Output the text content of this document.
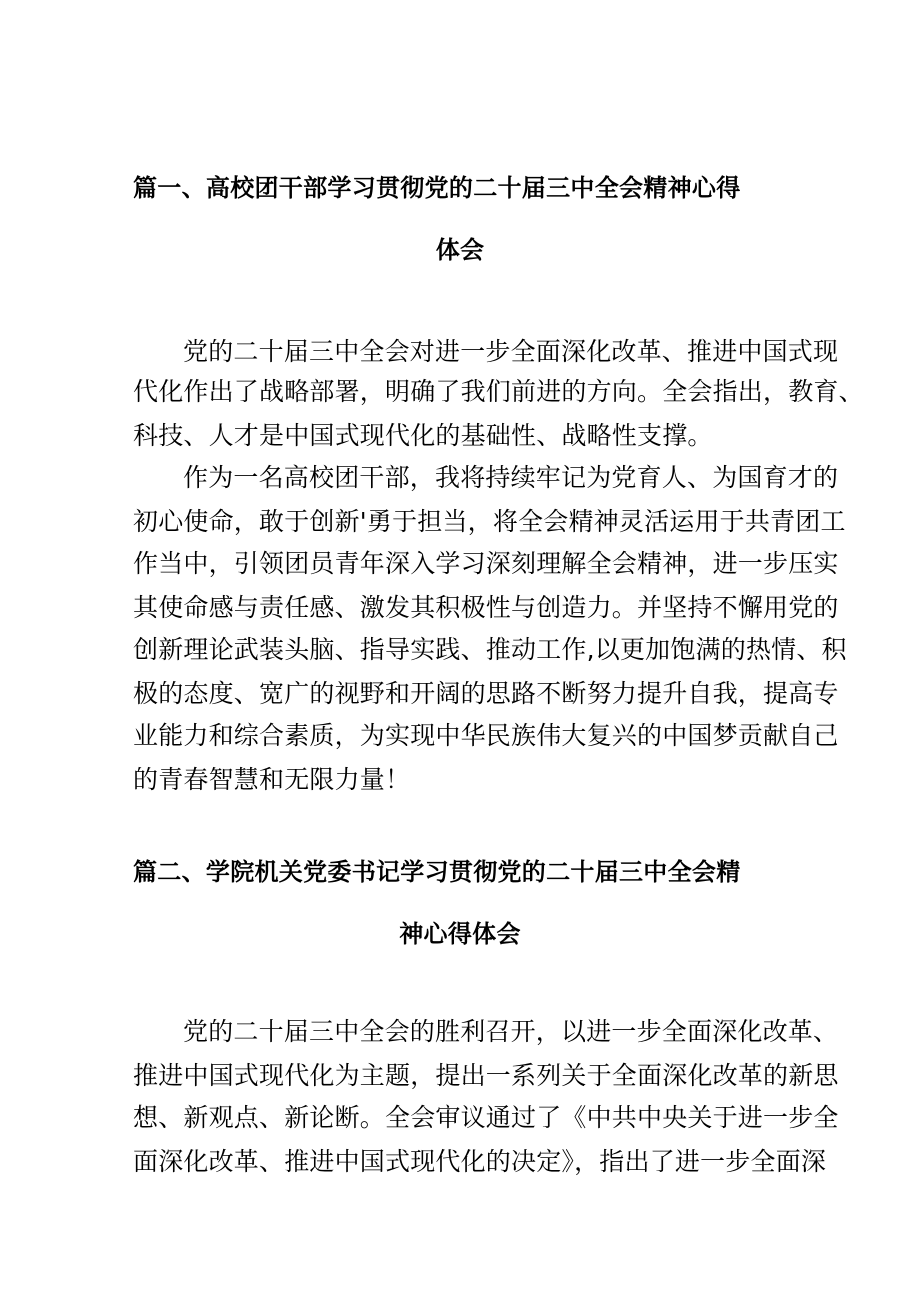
篇一、高校团干部学习贯彻党的二十届三中全会精神心得
体会
党的二十届三中全会对进一步全面深化改革、推进中国式现
代化作出了战略部署，明确了我们前进的方向。全会指出，教育、
科技、人才是中国式现代化的基础性、战略性支撑。
作为一名高校团干部，我将持续牢记为党育人、为国育才的
初心使命，敢于创新'勇于担当，将全会精神灵活运用于共青团工
作当中，引领团员青年深入学习深刻理解全会精神，进一步压实
其使命感与责任感、激发其积极性与创造力。并坚持不懈用党的
创新理论武装头脑、指导实践、推动工作,以更加饱满的热情、积
极的态度、宽广的视野和开阔的思路不断努力提升自我，提高专
业能力和综合素质，为实现中华民族伟大复兴的中国梦贡献自己
的青春智慧和无限力量！
篇二、学院机关党委书记学习贯彻党的二十届三中全会精
神心得体会
党的二十届三中全会的胜利召开，以进一步全面深化改革、
推进中国式现代化为主题，提出一系列关于全面深化改革的新思
想、新观点、新论断。全会审议通过了《中共中央关于进一步全
面深化改革、推进中国式现代化的决定》，指出了进一步全面深
